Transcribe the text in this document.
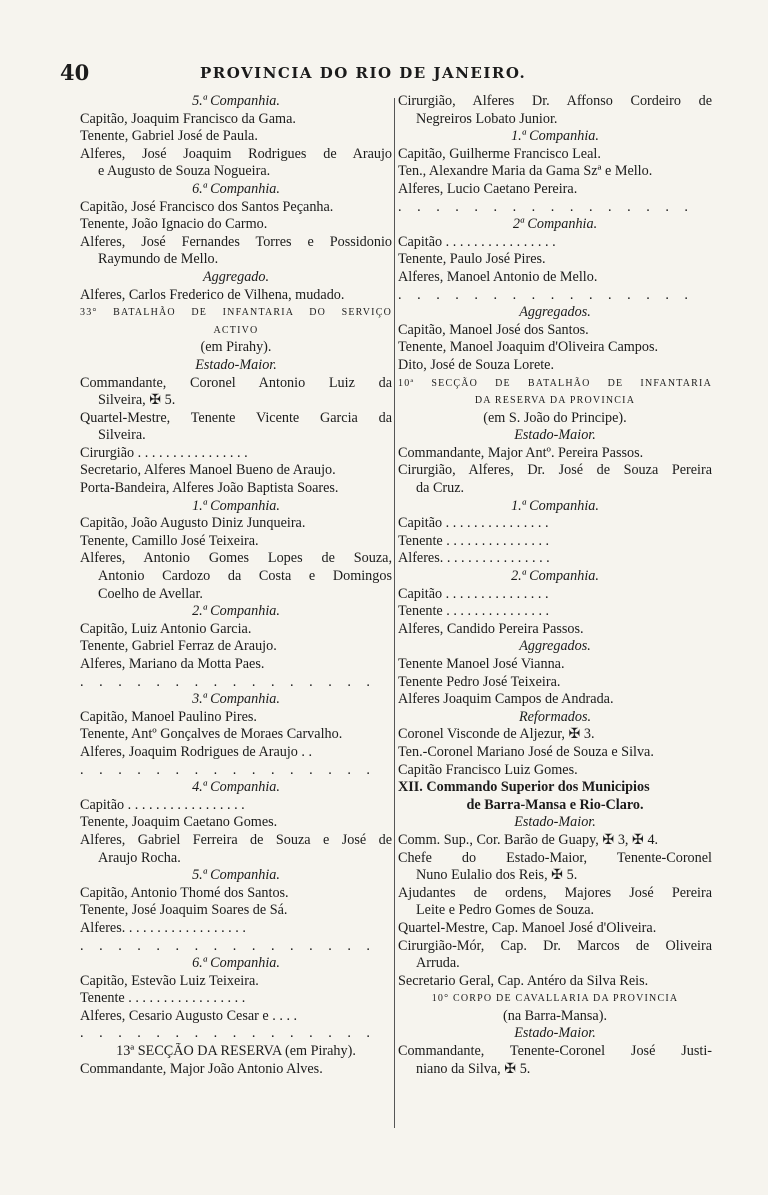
40	PROVINCIA DO RIO DE JANEIRO.
5.ª Companhia.
Capitão, Joaquim Francisco da Gama.
Tenente, Gabriel José de Paula.
Alferes, José Joaquim Rodrigues de Araujo
e Augusto de Souza Nogueira.
6.ª Companhia.
Capitão, José Francisco dos Santos Peçanha.
Tenente, João Ignacio do Carmo.
Alferes, José Fernandes Torres e Possidonio
Raymundo de Mello.
Aggregado.
Alferes, Carlos Frederico de Vilhena, mudado.
33° BATALHÃO DE INFANTARIA DO SERVIÇO
ACTIVO
(em Pirahy).
Estado-Maior.
Commandante, Coronel Antonio Luiz da
Silveira, ✠ 5.
Quartel-Mestre, Tenente Vicente Garcia da
Silveira.
Cirurgião . . . . . . . . . . . . . . . .
Secretario, Alferes Manoel Bueno de Araujo.
Porta-Bandeira, Alferes João Baptista Soares.
1.ª Companhia.
Capitão, João Augusto Diniz Junqueira.
Tenente, Camillo José Teixeira.
Alferes, Antonio Gomes Lopes de Souza,
Antonio Cardozo da Costa e Domingos
Coelho de Avellar.
2.ª Companhia.
Capitão, Luiz Antonio Garcia.
Tenente, Gabriel Ferraz de Araujo.
Alferes, Mariano da Motta Paes.
. . . . . . . . . . . . . . . .
3.ª Companhia.
Capitão, Manoel Paulino Pires.
Tenente, Antº Gonçalves de Moraes Carvalho.
Alferes, Joaquim Rodrigues de Araujo . .
. . . . . . . . . . . . . . . .
4.ª Companhia.
Capitão . . . . . . . . . . . . . . . . .
Tenente, Joaquim Caetano Gomes.
Alferes, Gabriel Ferreira de Souza e José de
Araujo Rocha.
5.ª Companhia.
Capitão, Antonio Thomé dos Santos.
Tenente, José Joaquim Soares de Sá.
Alferes. . . . . . . . . . . . . . . . . .
. . . . . . . . . . . . . . . .
6.ª Companhia.
Capitão, Estevão Luiz Teixeira.
Tenente . . . . . . . . . . . . . . . . .
Alferes, Cesario Augusto Cesar e . . . .
. . . . . . . . . . . . . . . .
13ª SECÇÃO DA RESERVA (em Pirahy).
Commandante, Major João Antonio Alves.
Cirurgião, Alferes Dr. Affonso Cordeiro de
Negreiros Lobato Junior.
1.ª Companhia.
Capitão, Guilherme Francisco Leal.
Ten., Alexandre Maria da Gama Szª e Mello.
Alferes, Lucio Caetano Pereira.
. . . . . . . . . . . . . . . .
2ª Companhia.
Capitão . . . . . . . . . . . . . . . .
Tenente, Paulo José Pires.
Alferes, Manoel Antonio de Mello.
. . . . . . . . . . . . . . . .
Aggregados.
Capitão, Manoel José dos Santos.
Tenente, Manoel Joaquim d'Oliveira Campos.
Dito, José de Souza Lorete.
10ª SECÇÃO DE BATALHÃO DE INFANTARIA
DA RESERVA DA PROVINCIA
(em S. João do Principe).
Estado-Maior.
Commandante, Major Antº. Pereira Passos.
Cirurgião, Alferes, Dr. José de Souza Pereira
da Cruz.
1.ª Companhia.
Capitão . . . . . . . . . . . . . . .
Tenente . . . . . . . . . . . . . . .
Alferes. . . . . . . . . . . . . . . .
2.ª Companhia.
Capitão . . . . . . . . . . . . . . .
Tenente . . . . . . . . . . . . . . .
Alferes, Candido Pereira Passos.
Aggregados.
Tenente Manoel José Vianna.
Tenente Pedro José Teixeira.
Alferes Joaquim Campos de Andrada.
Reformados.
Coronel Visconde de Aljezur, ✠ 3.
Ten.-Coronel Mariano José de Souza e Silva.
Capitão Francisco Luiz Gomes.
XII. Commando Superior dos Municipios
de Barra-Mansa e Rio-Claro.
Estado-Maior.
Comm. Sup., Cor. Barão de Guapy, ✠ 3, ✠ 4.
Chefe do Estado-Maior, Tenente-Coronel
Nuno Eulalio dos Reis, ✠ 5.
Ajudantes de ordens, Majores José Pereira
Leite e Pedro Gomes de Souza.
Quartel-Mestre, Cap. Manoel José d'Oliveira.
Cirurgião-Mór, Cap. Dr. Marcos de Oliveira
Arruda.
Secretario Geral, Cap. Antéro da Silva Reis.
10° CORPO DE CAVALLARIA DA PROVINCIA
(na Barra-Mansa).
Estado-Maior.
Commandante, Tenente-Coronel José Justi-
niano da Silva, ✠ 5.
